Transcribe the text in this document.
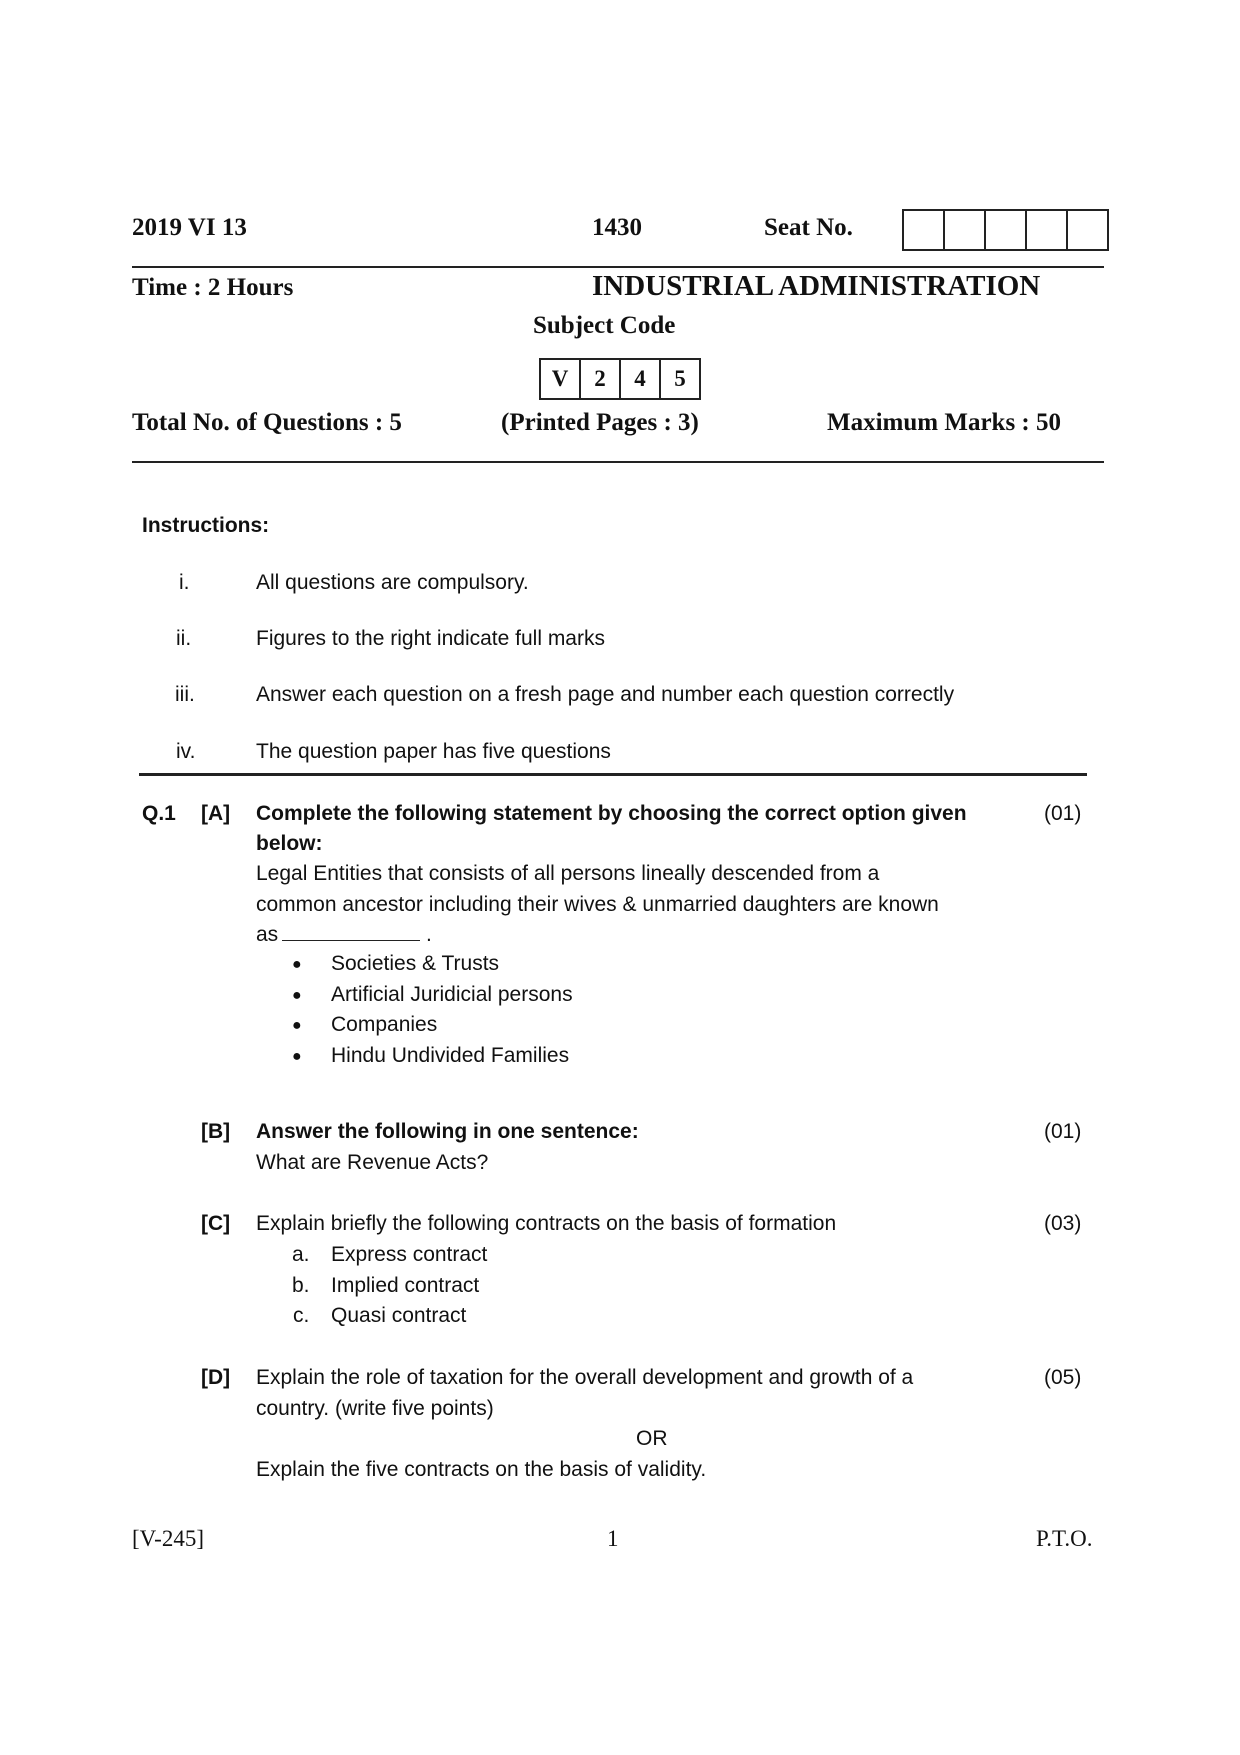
2019 VI 13	1430	Seat No.
Time : 2 Hours	INDUSTRIAL ADMINISTRATION
Subject Code
V	2	4	5
Total No. of Questions : 5	(Printed Pages : 3)	Maximum Marks : 50
Instructions:
i.	All questions are compulsory.
ii.	Figures to the right indicate full marks
iii.	Answer each question on a fresh page and number each question correctly
iv.	The question paper has five questions
Q.1 [A] Complete the following statement by choosing the correct option given	(01)
below:
Legal Entities that consists of all persons lineally descended from a
common ancestor including their wives & unmarried daughters are known
as	.
● Societies & Trusts
● Artificial Juridicial persons
● Companies
● Hindu Undivided Families
[B] Answer the following in one sentence:	(01)
What are Revenue Acts?
[C] Explain briefly the following contracts on the basis of formation	(03)
a. Express contract
b. Implied contract
c. Quasi contract
[D] Explain the role of taxation for the overall development and growth of a	(05)
country. (write five points)
OR
Explain the five contracts on the basis of validity.
[V-245]	1	P.T.O.
